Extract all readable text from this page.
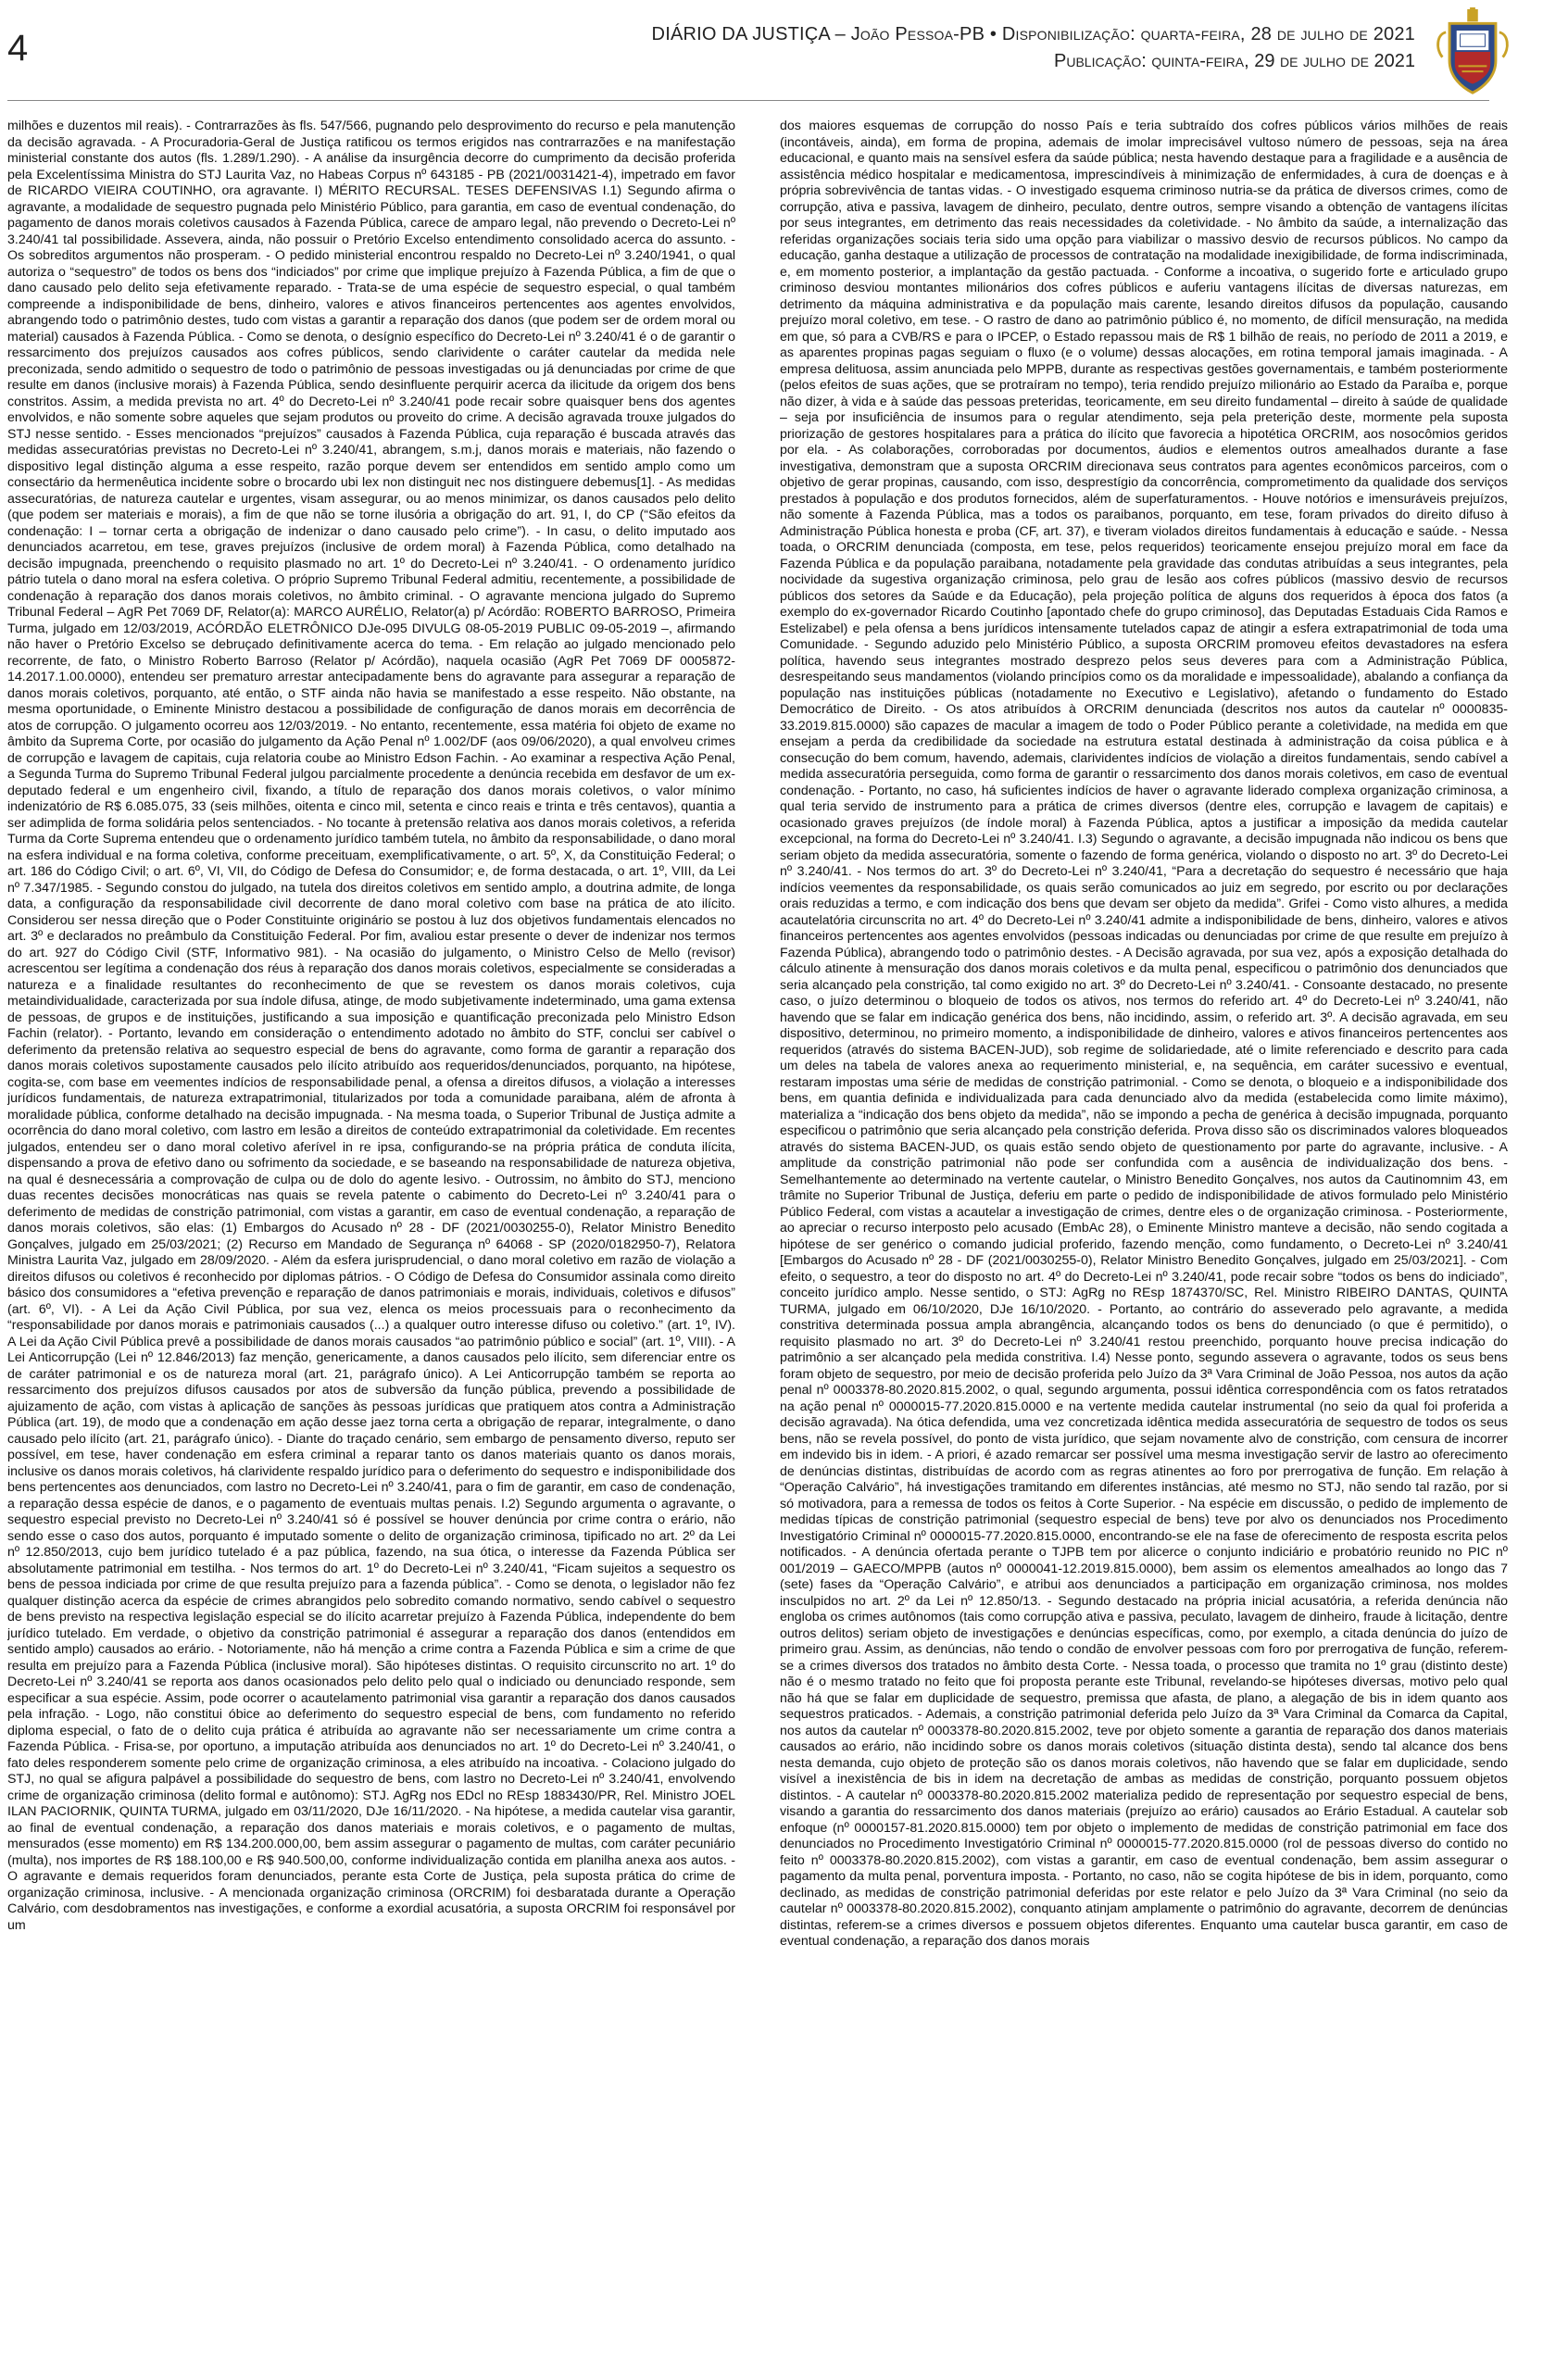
4	DIÁRIO DA JUSTIÇA – João Pessoa-PB • Disponibilização: quarta-feira, 28 de julho de 2021
Publicação: quinta-feira, 29 de julho de 2021

milhões e duzentos mil reais). - Contrarrazões às fls. 547/566, pugnando pelo desprovimento do recurso e pela manutenção da decisão agravada. - A Procuradoria-Geral de Justiça ratificou os termos erigidos nas contrarrazões e na manifestação ministerial constante dos autos (fls. 1.289/1.290). - A análise da insurgência decorre do cumprimento da decisão proferida pela Excelentíssima Ministra do STJ Laurita Vaz, no Habeas Corpus nº 643185 - PB (2021/0031421-4), impetrado em favor de RICARDO VIEIRA COUTINHO, ora agravante. I) MÉRITO RECURSAL. TESES DEFENSIVAS I.1) Segundo afirma o agravante, a modalidade de sequestro pugnada pelo Ministério Público, para garantia, em caso de eventual condenação, do pagamento de danos morais coletivos causados à Fazenda Pública, carece de amparo legal, não prevendo o Decreto-Lei nº 3.240/41 tal possibilidade. Assevera, ainda, não possuir o Pretório Excelso entendimento consolidado acerca do assunto. - Os sobreditos argumentos não prosperam. - O pedido ministerial encontrou respaldo no Decreto-Lei nº 3.240/1941, o qual autoriza o “sequestro” de todos os bens dos “indiciados” por crime que implique prejuízo à Fazenda Pública, a fim de que o dano causado pelo delito seja efetivamente reparado. - Trata-se de uma espécie de sequestro especial, o qual também compreende a indisponibilidade de bens, dinheiro, valores e ativos financeiros pertencentes aos agentes envolvidos, abrangendo todo o patrimônio destes, tudo com vistas a garantir a reparação dos danos (que podem ser de ordem moral ou material) causados à Fazenda Pública. - Como se denota, o desígnio específico do Decreto-Lei nº 3.240/41 é o de garantir o ressarcimento dos prejuízos causados aos cofres públicos, sendo clarividente o caráter cautelar da medida nele preconizada, sendo admitido o sequestro de todo o patrimônio de pessoas investigadas ou já denunciadas por crime de que resulte em danos (inclusive morais) à Fazenda Pública, sendo desinfluente perquirir acerca da ilicitude da origem dos bens constritos. Assim, a medida prevista no art. 4º do Decreto-Lei nº 3.240/41 pode recair sobre quaisquer bens dos agentes envolvidos, e não somente sobre aqueles que sejam produtos ou proveito do crime. A decisão agravada trouxe julgados do STJ nesse sentido. - Esses mencionados “prejuízos” causados à Fazenda Pública, cuja reparação é buscada através das medidas assecuratórias previstas no Decreto-Lei nº 3.240/41, abrangem, s.m.j, danos morais e materiais, não fazendo o dispositivo legal distinção alguma a esse respeito, razão porque devem ser entendidos em sentido amplo como um consectário da hermenêutica incidente sobre o brocardo ubi lex non distinguit nec nos distinguere debemus[1]. - As medidas assecuratórias, de natureza cautelar e urgentes, visam assegurar, ou ao menos minimizar, os danos causados pelo delito (que podem ser materiais e morais), a fim de que não se torne ilusória a obrigação do art. 91, I, do CP (“São efeitos da condenação: I – tornar certa a obrigação de indenizar o dano causado pelo crime”). - In casu, o delito imputado aos denunciados acarretou, em tese, graves prejuízos (inclusive de ordem moral) à Fazenda Pública, como detalhado na decisão impugnada, preenchendo o requisito plasmado no art. 1º do Decreto-Lei nº 3.240/41. - O ordenamento jurídico pátrio tutela o dano moral na esfera coletiva. O próprio Supremo Tribunal Federal admitiu, recentemente, a possibilidade de condenação à reparação dos danos morais coletivos, no âmbito criminal. - O agravante menciona julgado do Supremo Tribunal Federal – AgR Pet 7069 DF, Relator(a): MARCO AURÉLIO, Relator(a) p/ Acórdão: ROBERTO BARROSO, Primeira Turma, julgado em 12/03/2019, ACÓRDÃO ELETRÔNICO DJe-095 DIVULG 08-05-2019 PUBLIC 09-05-2019 –, afirmando não haver o Pretório Excelso se debruçado definitivamente acerca do tema. - Em relação ao julgado mencionado pelo recorrente, de fato, o Ministro Roberto Barroso (Relator p/ Acórdão), naquela ocasião (AgR Pet 7069 DF 0005872-14.2017.1.00.0000), entendeu ser prematuro arrestar antecipadamente bens do agravante para assegurar a reparação de danos morais coletivos, porquanto, até então, o STF ainda não havia se manifestado a esse respeito. Não obstante, na mesma oportunidade, o Eminente Ministro destacou a possibilidade de configuração de danos morais em decorrência de atos de corrupção. O julgamento ocorreu aos 12/03/2019. - No entanto, recentemente, essa matéria foi objeto de exame no âmbito da Suprema Corte, por ocasião do julgamento da Ação Penal nº 1.002/DF (aos 09/06/2020), a qual envolveu crimes de corrupção e lavagem de capitais, cuja relatoria coube ao Ministro Edson Fachin. - Ao examinar a respectiva Ação Penal, a Segunda Turma do Supremo Tribunal Federal julgou parcialmente procedente a denúncia recebida em desfavor de um ex-deputado federal e um engenheiro civil, fixando, a título de reparação dos danos morais coletivos, o valor mínimo indenizatório de R$ 6.085.075, 33 (seis milhões, oitenta e cinco mil, setenta e cinco reais e trinta e três centavos), quantia a ser adimplida de forma solidária pelos sentenciados. - No tocante à pretensão relativa aos danos morais coletivos, a referida Turma da Corte Suprema entendeu que o ordenamento jurídico também tutela, no âmbito da responsabilidade, o dano moral na esfera individual e na forma coletiva, conforme preceituam, exemplificativamente, o art. 5º, X, da Constituição Federal; o art. 186 do Código Civil; o art. 6º, VI, VII, do Código de Defesa do Consumidor; e, de forma destacada, o art. 1º, VIII, da Lei nº 7.347/1985. - Segundo constou do julgado, na tutela dos direitos coletivos em sentido amplo, a doutrina admite, de longa data, a configuração da responsabilidade civil decorrente de dano moral coletivo com base na prática de ato ilícito. Considerou ser nessa direção que o Poder Constituinte originário se postou à luz dos objetivos fundamentais elencados no art. 3º e declarados no preâmbulo da Constituição Federal. Por fim, avaliou estar presente o dever de indenizar nos termos do art. 927 do Código Civil (STF, Informativo 981). - Na ocasião do julgamento, o Ministro Celso de Mello (revisor) acrescentou ser legítima a condenação dos réus à reparação dos danos morais coletivos, especialmente se consideradas a natureza e a finalidade resultantes do reconhecimento de que se revestem os danos morais coletivos, cuja metaindividualidade, caracterizada por sua índole difusa, atinge, de modo subjetivamente indeterminado, uma gama extensa de pessoas, de grupos e de instituições, justificando a sua imposição e quantificação preconizada pelo Ministro Edson Fachin (relator). - Portanto, levando em consideração o entendimento adotado no âmbito do STF, conclui ser cabível o deferimento da pretensão relativa ao sequestro especial de bens do agravante, como forma de garantir a reparação dos danos morais coletivos supostamente causados pelo ilícito atribuído aos requeridos/denunciados, porquanto, na hipótese, cogita-se, com base em veementes indícios de responsabilidade penal, a ofensa a direitos difusos, a violação a interesses jurídicos fundamentais, de natureza extrapatrimonial, titularizados por toda a comunidade paraibana, além de afronta à moralidade pública, conforme detalhado na decisão impugnada. - Na mesma toada, o Superior Tribunal de Justiça admite a ocorrência do dano moral coletivo, com lastro em lesão a direitos de conteúdo extrapatrimonial da coletividade. Em recentes julgados, entendeu ser o dano moral coletivo aferível in re ipsa, configurando-se na própria prática de conduta ilícita, dispensando a prova de efetivo dano ou sofrimento da sociedade, e se baseando na responsabilidade de natureza objetiva, na qual é desnecessária a comprovação de culpa ou de dolo do agente lesivo. - Outrossim, no âmbito do STJ, menciono duas recentes decisões monocráticas nas quais se revela patente o cabimento do Decreto-Lei nº 3.240/41 para o deferimento de medidas de constrição patrimonial, com vistas a garantir, em caso de eventual condenação, a reparação de danos morais coletivos, são elas: (1) Embargos do Acusado nº 28 - DF (2021/0030255-0), Relator Ministro Benedito Gonçalves, julgado em 25/03/2021; (2) Recurso em Mandado de Segurança nº 64068 - SP (2020/0182950-7), Relatora Ministra Laurita Vaz, julgado em 28/09/2020. - Além da esfera jurisprudencial, o dano moral coletivo em razão de violação a direitos difusos ou coletivos é reconhecido por diplomas pátrios. - O Código de Defesa do Consumidor assinala como direito básico dos consumidores a “efetiva prevenção e reparação de danos patrimoniais e morais, individuais, coletivos e difusos” (art. 6º, VI). - A Lei da Ação Civil Pública, por sua vez, elenca os meios processuais para o reconhecimento da “responsabilidade por danos morais e patrimoniais causados (...) a qualquer outro interesse difuso ou coletivo.” (art. 1º, IV). A Lei da Ação Civil Pública prevê a possibilidade de danos morais causados “ao patrimônio público e social” (art. 1º, VIII). - A Lei Anticorrupção (Lei nº 12.846/2013) faz menção, genericamente, a danos causados pelo ilícito, sem diferenciar entre os de caráter patrimonial e os de natureza moral (art. 21, parágrafo único). A Lei Anticorrupção também se reporta ao ressarcimento dos prejuízos difusos causados por atos de subversão da função pública, prevendo a possibilidade de ajuizamento de ação, com vistas à aplicação de sanções às pessoas jurídicas que pratiquem atos contra a Administração Pública (art. 19), de modo que a condenação em ação desse jaez torna certa a obrigação de reparar, integralmente, o dano causado pelo ilícito (art. 21, parágrafo único). - Diante do traçado cenário, sem embargo de pensamento diverso, reputo ser possível, em tese, haver condenação em esfera criminal a reparar tanto os danos materiais quanto os danos morais, inclusive os danos morais coletivos, há clarividente respaldo jurídico para o deferimento do sequestro e indisponibilidade dos bens pertencentes aos denunciados, com lastro no Decreto-Lei nº 3.240/41, para o fim de garantir, em caso de condenação, a reparação dessa espécie de danos, e o pagamento de eventuais multas penais. I.2) Segundo argumenta o agravante, o sequestro especial previsto no Decreto-Lei nº 3.240/41 só é possível se houver denúncia por crime contra o erário, não sendo esse o caso dos autos, porquanto é imputado somente o delito de organização criminosa, tipificado no art. 2º da Lei nº 12.850/2013, cujo bem jurídico tutelado é a paz pública, fazendo, na sua ótica, o interesse da Fazenda Pública ser absolutamente patrimonial em testilha. - Nos termos do art. 1º do Decreto-Lei nº 3.240/41, “Ficam sujeitos a sequestro os bens de pessoa indiciada por crime de que resulta prejuízo para a fazenda pública”. - Como se denota, o legislador não fez qualquer distinção acerca da espécie de crimes abrangidos pelo sobredito comando normativo, sendo cabível o sequestro de bens previsto na respectiva legislação especial se do ilícito acarretar prejuízo à Fazenda Pública, independente do bem jurídico tutelado. Em verdade, o objetivo da constrição patrimonial é assegurar a reparação dos danos (entendidos em sentido amplo) causados ao erário. - Notoriamente, não há menção a crime contra a Fazenda Pública e sim a crime de que resulta em prejuízo para a Fazenda Pública (inclusive moral). São hipóteses distintas. O requisito circunscrito no art. 1º do Decreto-Lei nº 3.240/41 se reporta aos danos ocasionados pelo delito pelo qual o indiciado ou denunciado responde, sem especificar a sua espécie. Assim, pode ocorrer o acautelamento patrimonial visa garantir a reparação dos danos causados pela infração. - Logo, não constitui óbice ao deferimento do sequestro especial de bens, com fundamento no referido diploma especial, o fato de o delito cuja prática é atribuída ao agravante não ser necessariamente um crime contra a Fazenda Pública. - Frisa-se, por oportuno, a imputação atribuída aos denunciados no art. 1º do Decreto-Lei nº 3.240/41, o fato deles responderem somente pelo crime de organização criminosa, a eles atribuído na incoativa. - Colaciono julgado do STJ, no qual se afigura palpável a possibilidade do sequestro de bens, com lastro no Decreto-Lei nº 3.240/41, envolvendo crime de organização criminosa (delito formal e autônomo): STJ. AgRg nos EDcl no REsp 1883430/PR, Rel. Ministro JOEL ILAN PACIORNIK, QUINTA TURMA, julgado em 03/11/2020, DJe 16/11/2020. - Na hipótese, a medida cautelar visa garantir, ao final de eventual condenação, a reparação dos danos materiais e morais coletivos, e o pagamento de multas, mensurados (esse momento) em R$ 134.200.000,00, bem assim assegurar o pagamento de multas, com caráter pecuniário (multa), nos importes de R$ 188.100,00 e R$ 940.500,00, conforme individualização contida em planilha anexa aos autos. - O agravante e demais requeridos foram denunciados, perante esta Corte de Justiça, pela suposta prática do crime de organização criminosa, inclusive. - A mencionada organização criminosa (ORCRIM) foi desbaratada durante a Operação Calvário, com desdobramentos nas investigações, e conforme a exordial acusatória, a suposta ORCRIM foi responsável por um

dos maiores esquemas de corrupção do nosso País e teria subtraído dos cofres públicos vários milhões de reais (incontáveis, ainda), em forma de propina, ademais de imolar imprecisável vultoso número de pessoas, seja na área educacional, e quanto mais na sensível esfera da saúde pública; nesta havendo destaque para a fragilidade e a ausência de assistência médico hospitalar e medicamentosa, imprescindíveis à minimização de enfermidades, à cura de doenças e à própria sobrevivência de tantas vidas. - O investigado esquema criminoso nutria-se da prática de diversos crimes, como de corrupção, ativa e passiva, lavagem de dinheiro, peculato, dentre outros, sempre visando a obtenção de vantagens ilícitas por seus integrantes, em detrimento das reais necessidades da coletividade. - No âmbito da saúde, a internalização das referidas organizações sociais teria sido uma opção para viabilizar o massivo desvio de recursos públicos. No campo da educação, ganha destaque a utilização de processos de contratação na modalidade inexigibilidade, de forma indiscriminada, e, em momento posterior, a implantação da gestão pactuada. - Conforme a incoativa, o sugerido forte e articulado grupo criminoso desviou montantes milionários dos cofres públicos e auferiu vantagens ilícitas de diversas naturezas, em detrimento da máquina administrativa e da população mais carente, lesando direitos difusos da população, causando prejuízo moral coletivo, em tese. - O rastro de dano ao patrimônio público é, no momento, de difícil mensuração, na medida em que, só para a CVB/RS e para o IPCEP, o Estado repassou mais de R$ 1 bilhão de reais, no período de 2011 a 2019, e as aparentes propinas pagas seguiam o fluxo (e o volume) dessas alocações, em rotina temporal jamais imaginada. - A empresa delituosa, assim anunciada pelo MPPB, durante as respectivas gestões governamentais, e também posteriormente (pelos efeitos de suas ações, que se protraíram no tempo), teria rendido prejuízo milionário ao Estado da Paraíba e, porque não dizer, à vida e à saúde das pessoas preteridas, teoricamente, em seu direito fundamental – direito à saúde de qualidade – seja por insuficiência de insumos para o regular atendimento, seja pela preterição deste, mormente pela suposta priorização de gestores hospitalares para a prática do ilícito que favorecia a hipotética ORCRIM, aos nosocômios geridos por ela. - As colaborações, corroboradas por documentos, áudios e elementos outros amealhados durante a fase investigativa, demonstram que a suposta ORCRIM direcionava seus contratos para agentes econômicos parceiros, com o objetivo de gerar propinas, causando, com isso, desprestígio da concorrência, comprometimento da qualidade dos serviços prestados à população e dos produtos fornecidos, além de superfaturamentos. - Houve notórios e imensuráveis prejuízos, não somente à Fazenda Pública, mas a todos os paraibanos, porquanto, em tese, foram privados do direito difuso à Administração Pública honesta e proba (CF, art. 37), e tiveram violados direitos fundamentais à educação e saúde. - Nessa toada, o ORCRIM denunciada (composta, em tese, pelos requeridos) teoricamente ensejou prejuízo moral em face da Fazenda Pública e da população paraibana, notadamente pela gravidade das condutas atribuídas a seus integrantes, pela nocividade da sugestiva organização criminosa, pelo grau de lesão aos cofres públicos (massivo desvio de recursos públicos dos setores da Saúde e da Educação), pela projeção política de alguns dos requeridos à época dos fatos (a exemplo do ex-governador Ricardo Coutinho [apontado chefe do grupo criminoso], das Deputadas Estaduais Cida Ramos e Estelizabel) e pela ofensa a bens jurídicos intensamente tutelados capaz de atingir a esfera extrapatrimonial de toda uma Comunidade. - Segundo aduzido pelo Ministério Público, a suposta ORCRIM promoveu efeitos devastadores na esfera política, havendo seus integrantes mostrado desprezo pelos seus deveres para com a Administração Pública, desrespeitando seus mandamentos (violando princípios como os da moralidade e impessoalidade), abalando a confiança da população nas instituições públicas (notadamente no Executivo e Legislativo), afetando o fundamento do Estado Democrático de Direito. - Os atos atribuídos à ORCRIM denunciada (descritos nos autos da cautelar nº 0000835-33.2019.815.0000) são capazes de macular a imagem de todo o Poder Público perante a coletividade, na medida em que ensejam a perda da credibilidade da sociedade na estrutura estatal destinada à administração da coisa pública e à consecução do bem comum, havendo, ademais, clarividentes indícios de violação a direitos fundamentais, sendo cabível a medida assecuratória perseguida, como forma de garantir o ressarcimento dos danos morais coletivos, em caso de eventual condenação. - Portanto, no caso, há suficientes indícios de haver o agravante liderado complexa organização criminosa, a qual teria servido de instrumento para a prática de crimes diversos (dentre eles, corrupção e lavagem de capitais) e ocasionado graves prejuízos (de índole moral) à Fazenda Pública, aptos a justificar a imposição da medida cautelar excepcional, na forma do Decreto-Lei nº 3.240/41. I.3) Segundo o agravante, a decisão impugnada não indicou os bens que seriam objeto da medida assecuratória, somente o fazendo de forma genérica, violando o disposto no art. 3º do Decreto-Lei nº 3.240/41. - Nos termos do art. 3º do Decreto-Lei nº 3.240/41, “Para a decretação do sequestro é necessário que haja indícios veementes da responsabilidade, os quais serão comunicados ao juiz em segredo, por escrito ou por declarações orais reduzidas a termo, e com indicação dos bens que devam ser objeto da medida”. Grifei - Como visto alhures, a medida acautelatória circunscrita no art. 4º do Decreto-Lei nº 3.240/41 admite a indisponibilidade de bens, dinheiro, valores e ativos financeiros pertencentes aos agentes envolvidos (pessoas indicadas ou denunciadas por crime de que resulte em prejuízo à Fazenda Pública), abrangendo todo o patrimônio destes. - A Decisão agravada, por sua vez, após a exposição detalhada do cálculo atinente à mensuração dos danos morais coletivos e da multa penal, especificou o patrimônio dos denunciados que seria alcançado pela constrição, tal como exigido no art. 3º do Decreto-Lei nº 3.240/41. - Consoante destacado, no presente caso, o juízo determinou o bloqueio de todos os ativos, nos termos do referido art. 4º do Decreto-Lei nº 3.240/41, não havendo que se falar em indicação genérica dos bens, não incidindo, assim, o referido art. 3º. A decisão agravada, em seu dispositivo, determinou, no primeiro momento, a indisponibilidade de dinheiro, valores e ativos financeiros pertencentes aos requeridos (através do sistema BACEN-JUD), sob regime de solidariedade, até o limite referenciado e descrito para cada um deles na tabela de valores anexa ao requerimento ministerial, e, na sequência, em caráter sucessivo e eventual, restaram impostas uma série de medidas de constrição patrimonial. - Como se denota, o bloqueio e a indisponibilidade dos bens, em quantia definida e individualizada para cada denunciado alvo da medida (estabelecida como limite máximo), materializa a “indicação dos bens objeto da medida”, não se impondo a pecha de genérica à decisão impugnada, porquanto especificou o patrimônio que seria alcançado pela constrição deferida. Prova disso são os discriminados valores bloqueados através do sistema BACEN-JUD, os quais estão sendo objeto de questionamento por parte do agravante, inclusive. - A amplitude da constrição patrimonial não pode ser confundida com a ausência de individualização dos bens. - Semelhantemente ao determinado na vertente cautelar, o Ministro Benedito Gonçalves, nos autos da Cautinomnim 43, em trâmite no Superior Tribunal de Justiça, deferiu em parte o pedido de indisponibilidade de ativos formulado pelo Ministério Público Federal, com vistas a acautelar a investigação de crimes, dentre eles o de organização criminosa. - Posteriormente, ao apreciar o recurso interposto pelo acusado (EmbAc 28), o Eminente Ministro manteve a decisão, não sendo cogitada a hipótese de ser genérico o comando judicial proferido, fazendo menção, como fundamento, o Decreto-Lei nº 3.240/41 [Embargos do Acusado nº 28 - DF (2021/0030255-0), Relator Ministro Benedito Gonçalves, julgado em 25/03/2021]. - Com efeito, o sequestro, a teor do disposto no art. 4º do Decreto-Lei nº 3.240/41, pode recair sobre “todos os bens do indiciado”, conceito jurídico amplo. Nesse sentido, o STJ: AgRg no REsp 1874370/SC, Rel. Ministro RIBEIRO DANTAS, QUINTA TURMA, julgado em 06/10/2020, DJe 16/10/2020. - Portanto, ao contrário do asseverado pelo agravante, a medida constritiva determinada possua ampla abrangência, alcançando todos os bens do denunciado (o que é permitido), o requisito plasmado no art. 3º do Decreto-Lei nº 3.240/41 restou preenchido, porquanto houve precisa indicação do patrimônio a ser alcançado pela medida constritiva. I.4) Nesse ponto, segundo assevera o agravante, todos os seus bens foram objeto de sequestro, por meio de decisão proferida pelo Juízo da 3ª Vara Criminal de João Pessoa, nos autos da ação penal nº 0003378-80.2020.815.2002, o qual, segundo argumenta, possui idêntica correspondência com os fatos retratados na ação penal nº 0000015-77.2020.815.0000 e na vertente medida cautelar instrumental (no seio da qual foi proferida a decisão agravada). Na ótica defendida, uma vez concretizada idêntica medida assecuratória de sequestro de todos os seus bens, não se revela possível, do ponto de vista jurídico, que sejam novamente alvo de constrição, com censura de incorrer em indevido bis in idem. - A priori, é azado remarcar ser possível uma mesma investigação servir de lastro ao oferecimento de denúncias distintas, distribuídas de acordo com as regras atinentes ao foro por prerrogativa de função. Em relação à “Operação Calvário”, há investigações tramitando em diferentes instâncias, até mesmo no STJ, não sendo tal razão, por si só motivadora, para a remessa de todos os feitos à Corte Superior. - Na espécie em discussão, o pedido de implemento de medidas típicas de constrição patrimonial (sequestro especial de bens) teve por alvo os denunciados nos Procedimento Investigatório Criminal nº 0000015-77.2020.815.0000, encontrando-se ele na fase de oferecimento de resposta escrita pelos notificados. - A denúncia ofertada perante o TJPB tem por alicerce o conjunto indiciário e probatório reunido no PIC nº 001/2019 – GAECO/MPPB (autos nº 0000041-12.2019.815.0000), bem assim os elementos amealhados ao longo das 7 (sete) fases da “Operação Calvário”, e atribui aos denunciados a participação em organização criminosa, nos moldes insculpidos no art. 2º da Lei nº 12.850/13. - Segundo destacado na própria inicial acusatória, a referida denúncia não engloba os crimes autônomos (tais como corrupção ativa e passiva, peculato, lavagem de dinheiro, fraude à licitação, dentre outros delitos) seriam objeto de investigações e denúncias específicas, como, por exemplo, a citada denúncia do juízo de primeiro grau. Assim, as denúncias, não tendo o condão de envolver pessoas com foro por prerrogativa de função, referem-se a crimes diversos dos tratados no âmbito desta Corte. - Nessa toada, o processo que tramita no 1º grau (distinto deste) não é o mesmo tratado no feito que foi proposta perante este Tribunal, revelando-se hipóteses diversas, motivo pelo qual não há que se falar em duplicidade de sequestro, premissa que afasta, de plano, a alegação de bis in idem quanto aos sequestros praticados. - Ademais, a constrição patrimonial deferida pelo Juízo da 3ª Vara Criminal da Comarca da Capital, nos autos da cautelar nº 0003378-80.2020.815.2002, teve por objeto somente a garantia de reparação dos danos materiais causados ao erário, não incidindo sobre os danos morais coletivos (situação distinta desta), sendo tal alcance dos bens nesta demanda, cujo objeto de proteção são os danos morais coletivos, não havendo que se falar em duplicidade, sendo visível a inexistência de bis in idem na decretação de ambas as medidas de constrição, porquanto possuem objetos distintos. - A cautelar nº 0003378-80.2020.815.2002 materializa pedido de representação por sequestro especial de bens, visando a garantia do ressarcimento dos danos materiais (prejuízo ao erário) causados ao Erário Estadual. A cautelar sob enfoque (nº 0000157-81.2020.815.0000) tem por objeto o implemento de medidas de constrição patrimonial em face dos denunciados no Procedimento Investigatório Criminal nº 0000015-77.2020.815.0000 (rol de pessoas diverso do contido no feito nº 0003378-80.2020.815.2002), com vistas a garantir, em caso de eventual condenação, bem assim assegurar o pagamento da multa penal, porventura imposta. - Portanto, no caso, não se cogita hipótese de bis in idem, porquanto, como declinado, as medidas de constrição patrimonial deferidas por este relator e pelo Juízo da 3ª Vara Criminal (no seio da cautelar nº 0003378-80.2020.815.2002), conquanto atinjam amplamente o patrimônio do agravante, decorrem de denúncias distintas, referem-se a crimes diversos e possuem objetos diferentes. Enquanto uma cautelar busca garantir, em caso de eventual condenação, a reparação dos danos morais
